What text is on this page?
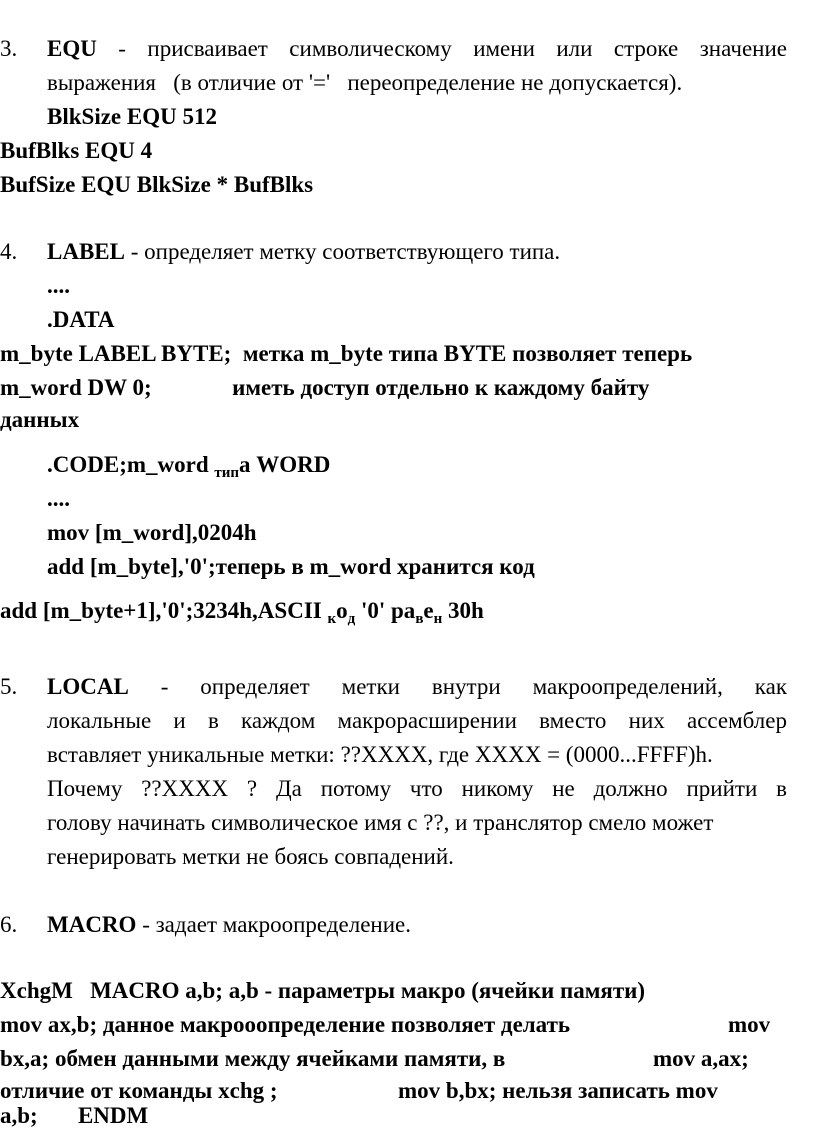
3. EQU - присваивает символическому имени или строке значение
выражения   (в отличие от '='   переопределение не допускается).
BlkSize EQU 512
BufBlks EQU 4
BufSize EQU BlkSize * BufBlks
4. LABEL - определяет метку соответствующего типа.
....
.DATA
m_byte LABEL BYTE;  метка m_byte типа BYTE позволяет теперь
m_word DW 0;              иметь доступ отдельно к каждому байту
данных
.CODE;m_word $_{тип}$а WORD
....
mov [m_word],0204h
add [m_byte],'0';теперь в m_word хранится код
add [m_byte+1],'0';3234h,ASCII $_ко_д$ '0' $ра_ве_н$ 30h
5. LOCAL - определяет метки внутри макроопределений, как
локальные и в каждом макрорасширении вместо них ассемблер
вставляет уникальные метки: ??XXXX, где XXXX = (0000...FFFF)h.
Почему ??XXXX ? Да потому что никому не должно прийти в
голову начинать символическое имя с ??, и транслятор смело может
генерировать метки не боясь совпадений.
6. MACRO - задает макроопределение.
XchgM   MACRO a,b; a,b - параметры макро (ячейки памяти)
mov ax,b; данное макрооопределение позволяет делать	mov
bx,a; обмен данными между ячейками памяти, в	mov a,ax;
отличие от команды xchg ;	mov b,bx; нельзя записать mov
a,b;       ENDM
